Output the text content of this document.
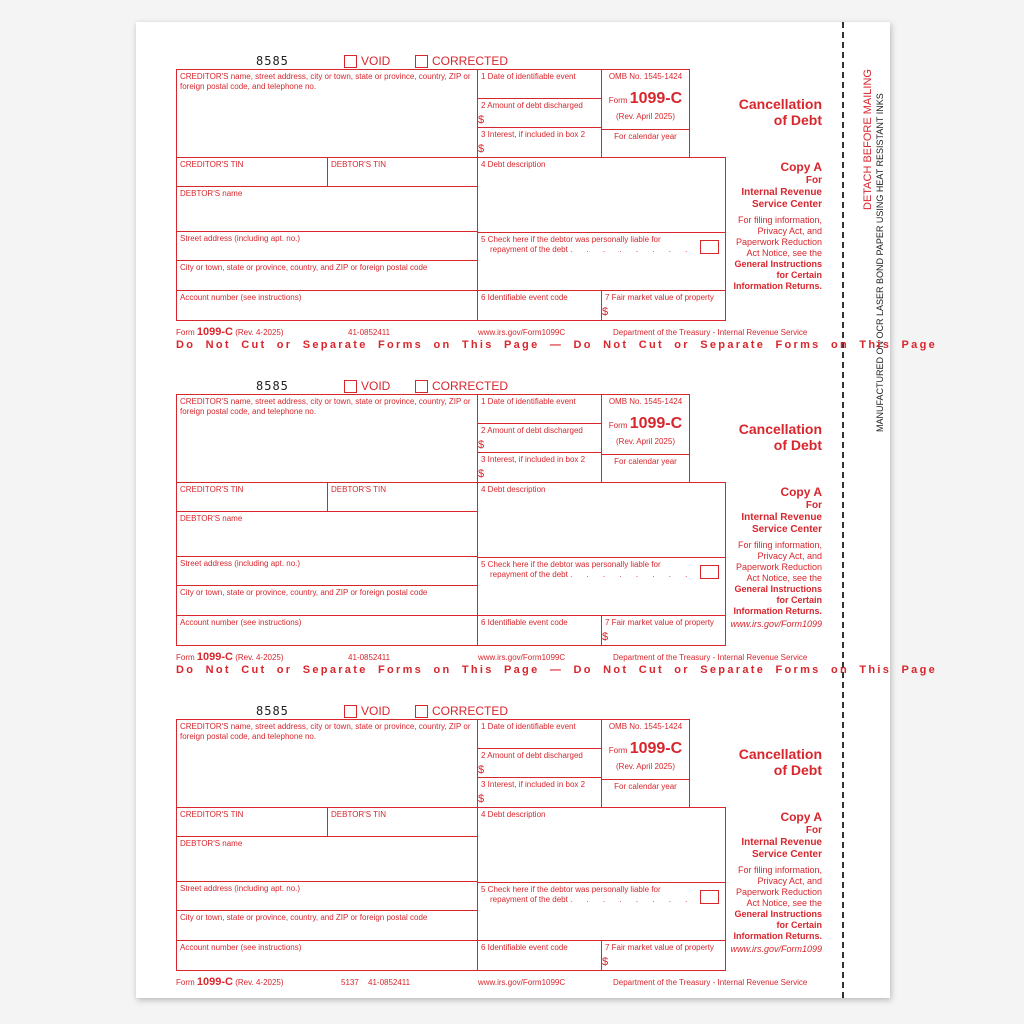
DETACH BEFORE MAILING MANUFACTURED ON OCR LASER BOND PAPER USING HEAT RESISTANT INKS
8585	VOID	CORRECTED
CREDITOR'S name, street address, city or town, state or province, country, ZIP or foreign postal code, and telephone no.
1 Date of identifiable event
2 Amount of debt discharged
$
3 Interest, if included in box 2
$
OMB No. 1545-1424
Form 1099-C
(Rev. April 2025)
For calendar year
Cancellation
of Debt
CREDITOR'S TIN	DEBTOR'S TIN
DEBTOR'S name
Street address (including apt. no.)
City or town, state or province, country, and ZIP or foreign postal code
Account number (see instructions)
4 Debt description
5 Check here if the debtor was personally liable for repayment of the debt . . . . . . . .
6 Identifiable event code	7 Fair market value of property
$
Copy A
For
Internal Revenue
Service Center
For filing information, Privacy Act, and Paperwork Reduction Act Notice, see the
General Instructions for Certain Information Returns.
Form 1099-C (Rev. 4-2025)	41-0852411	www.irs.gov/Form1099C	Department of the Treasury - Internal Revenue Service
Do Not Cut or Separate Forms on This Page — Do Not Cut or Separate Forms on This Page
8585	VOID	CORRECTED
CREDITOR'S name, street address, city or town, state or province, country, ZIP or foreign postal code, and telephone no.
1 Date of identifiable event
2 Amount of debt discharged
$
3 Interest, if included in box 2
$
OMB No. 1545-1424
Form 1099-C
(Rev. April 2025)
For calendar year
Cancellation
of Debt
CREDITOR'S TIN	DEBTOR'S TIN
DEBTOR'S name
Street address (including apt. no.)
City or town, state or province, country, and ZIP or foreign postal code
Account number (see instructions)
4 Debt description
5 Check here if the debtor was personally liable for repayment of the debt . . . . . . . .
6 Identifiable event code	7 Fair market value of property
$
Copy A
For
Internal Revenue
Service Center
For filing information, Privacy Act, and Paperwork Reduction Act Notice, see the
General Instructions for Certain Information Returns.
www.irs.gov/Form1099
Form 1099-C (Rev. 4-2025)	41-0852411	www.irs.gov/Form1099C	Department of the Treasury - Internal Revenue Service
Do Not Cut or Separate Forms on This Page — Do Not Cut or Separate Forms on This Page
8585	VOID	CORRECTED
CREDITOR'S name, street address, city or town, state or province, country, ZIP or foreign postal code, and telephone no.
1 Date of identifiable event
2 Amount of debt discharged
$
3 Interest, if included in box 2
$
OMB No. 1545-1424
Form 1099-C
(Rev. April 2025)
For calendar year
Cancellation
of Debt
CREDITOR'S TIN	DEBTOR'S TIN
DEBTOR'S name
Street address (including apt. no.)
City or town, state or province, country, and ZIP or foreign postal code
Account number (see instructions)
4 Debt description
5 Check here if the debtor was personally liable for repayment of the debt . . . . . . . .
6 Identifiable event code	7 Fair market value of property
$
Copy A
For
Internal Revenue
Service Center
For filing information, Privacy Act, and Paperwork Reduction Act Notice, see the
General Instructions for Certain Information Returns.
www.irs.gov/Form1099
Form 1099-C (Rev. 4-2025)	5137 41-0852411	www.irs.gov/Form1099C	Department of the Treasury - Internal Revenue Service
